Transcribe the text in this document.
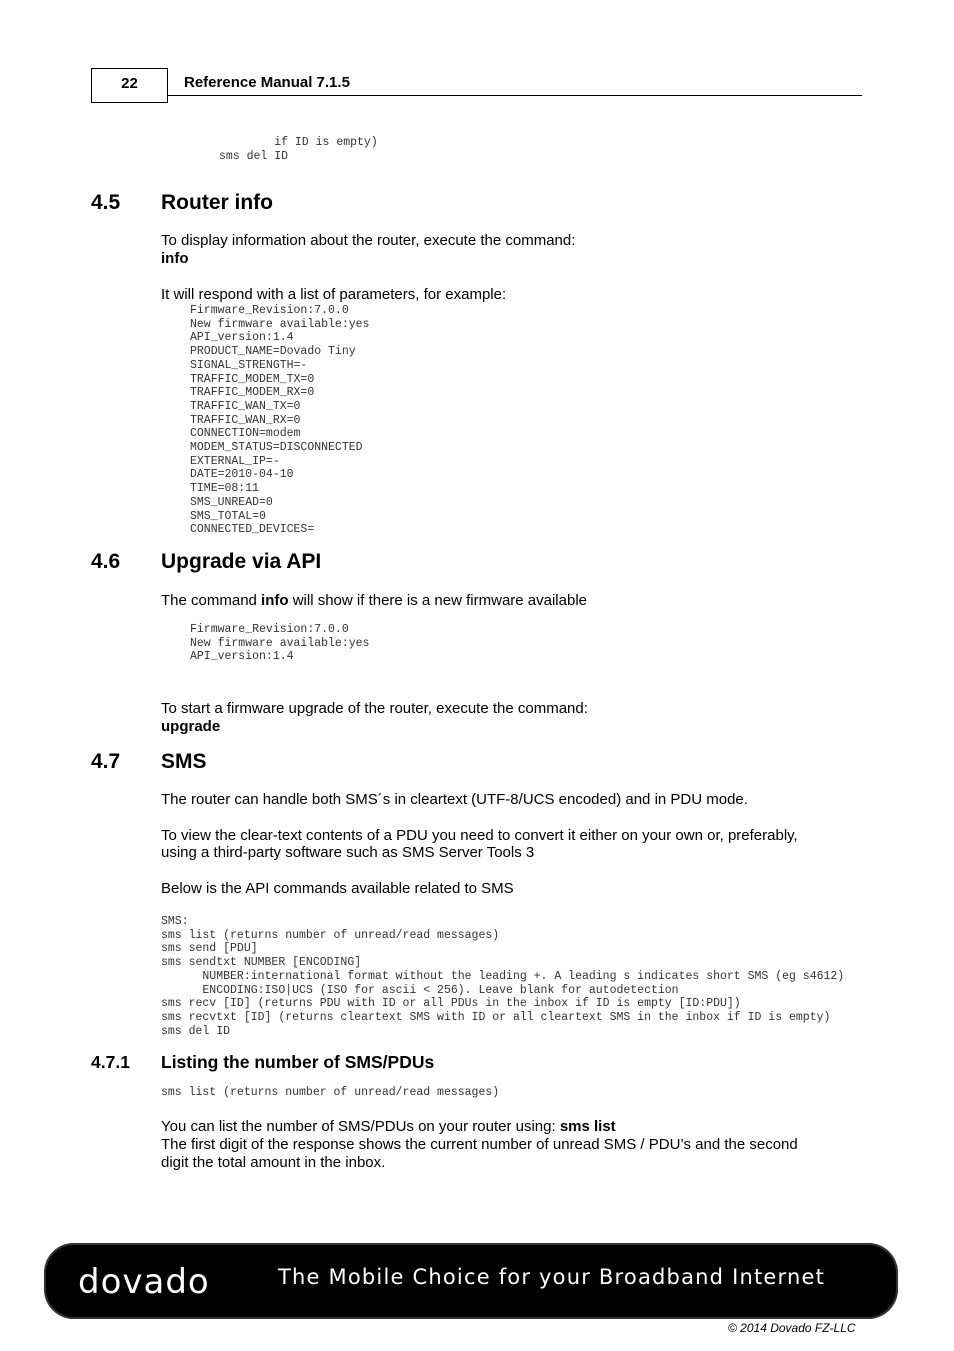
22	Reference Manual 7.1.5
if ID is empty)
sms del ID
4.5 Router info
To display information about the router, execute the command:
info
It will respond with a list of parameters, for example:
Firmware_Revision:7.0.0
New firmware available:yes
API_version:1.4
PRODUCT_NAME=Dovado Tiny
SIGNAL_STRENGTH=-
TRAFFIC_MODEM_TX=0
TRAFFIC_MODEM_RX=0
TRAFFIC_WAN_TX=0
TRAFFIC_WAN_RX=0
CONNECTION=modem
MODEM_STATUS=DISCONNECTED
EXTERNAL_IP=-
DATE=2010-04-10
TIME=08:11
SMS_UNREAD=0
SMS_TOTAL=0
CONNECTED_DEVICES=
4.6 Upgrade via API
The command info will show if there is a new firmware available
Firmware_Revision:7.0.0
New firmware available:yes
API_version:1.4
To start a firmware upgrade of the router, execute the command:
upgrade
4.7 SMS
The router can handle both SMS´s in cleartext (UTF-8/UCS encoded) and in PDU mode.
To view the clear-text contents of a PDU you need to convert it either on your own or, preferably,
using a third-party software such as SMS Server Tools 3
Below is the API commands available related to SMS
SMS:
sms list (returns number of unread/read messages)
sms send [PDU]
sms sendtxt NUMBER [ENCODING]
NUMBER:international format without the leading +. A leading s indicates short SMS (eg s4612)
ENCODING:ISO|UCS (ISO for ascii < 256). Leave blank for autodetection
sms recv [ID] (returns PDU with ID or all PDUs in the inbox if ID is empty [ID:PDU])
sms recvtxt [ID] (returns cleartext SMS with ID or all cleartext SMS in the inbox if ID is empty)
sms del ID
4.7.1 Listing the number of SMS/PDUs
sms list (returns number of unread/read messages)
You can list the number of SMS/PDUs on your router using: sms list
The first digit of the response shows the current number of unread SMS / PDU’s and the second
digit the total amount in the inbox.
dovado	The Mobile Choice for your Broadband Internet
© 2014 Dovado FZ-LLC
